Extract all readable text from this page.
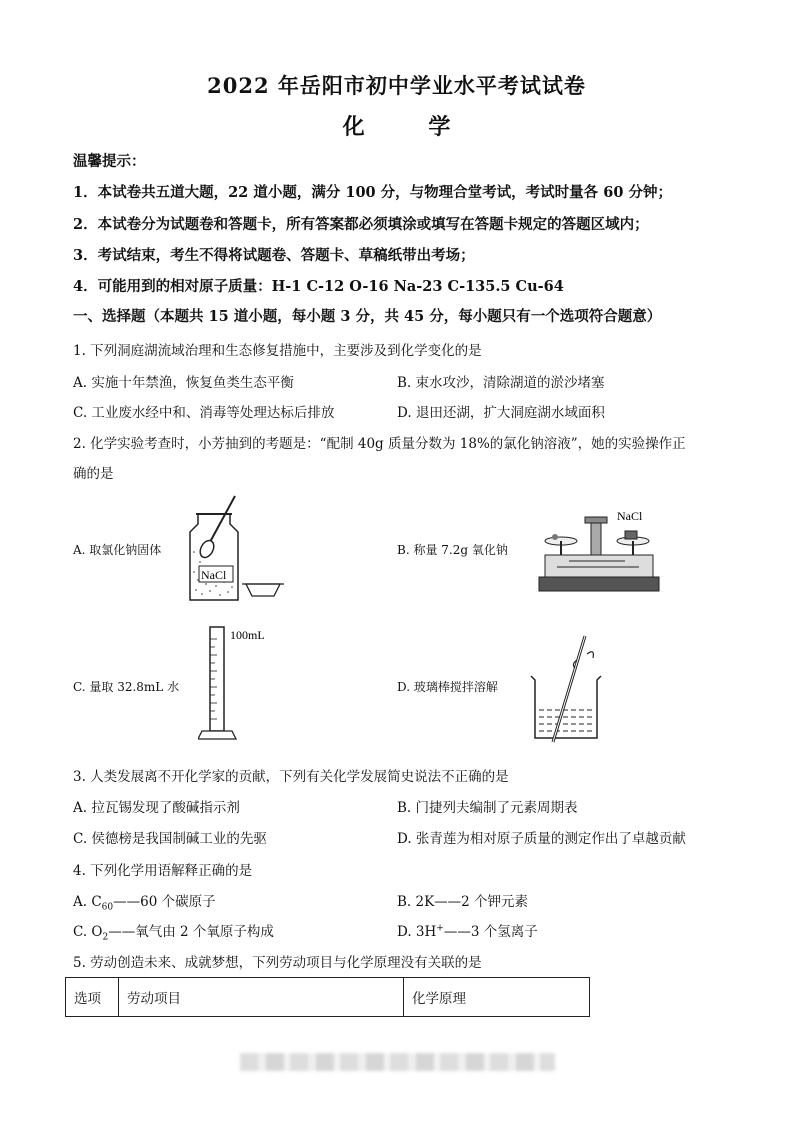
2022 年岳阳市初中学业水平考试试卷
化 学
温馨提示：
1．本试卷共五道大题，22 道小题，满分 100 分，与物理合堂考试，考试时量各 60 分钟；
2．本试卷分为试题卷和答题卡，所有答案都必须填涂或填写在答题卡规定的答题区域内；
3．考试结束，考生不得将试题卷、答题卡、草稿纸带出考场；
4．可能用到的相对原子质量：H-1 C-12 O-16 Na-23 C-135.5 Cu-64
一、选择题（本题共 15 道小题，每小题 3 分，共 45 分，每小题只有一个选项符合题意）
1. 下列洞庭湖流域治理和生态修复措施中，主要涉及到化学变化的是
A. 实施十年禁渔，恢复鱼类生态平衡	B. 束水攻沙，清除湖道的淤沙堵塞
C. 工业废水经中和、消毒等处理达标后排放	D. 退田还湖，扩大洞庭湖水域面积
2. 化学实验考查时，小芳抽到的考题是：“配制 40g 质量分数为 18%的氯化钠溶液”，她的实验操作正
确的是
A. 取氯化钠固体	B. 称量 7.2g 氧化钠
C. 量取 32.8mL 水	D. 玻璃棒搅拌溶解
NaCl
NaCl
100mL
3. 人类发展离不开化学家的贡献，下列有关化学发展简史说法不正确的是
A. 拉瓦锡发现了酸碱指示剂	B. 门捷列夫编制了元素周期表
C. 侯德榜是我国制碱工业的先驱	D. 张青莲为相对原子质量的测定作出了卓越贡献
4. 下列化学用语解释正确的是
A. $C_{60}——60$ 个碳原子	B. 2K——2 个钾元素
C. $O_2——$氧气由 2 个氧原子构成	D. 3H+——3 个氢离子
5. 劳动创造未来、成就梦想，下列劳动项目与化学原理没有关联的是
选项	劳动项目	化学原理
